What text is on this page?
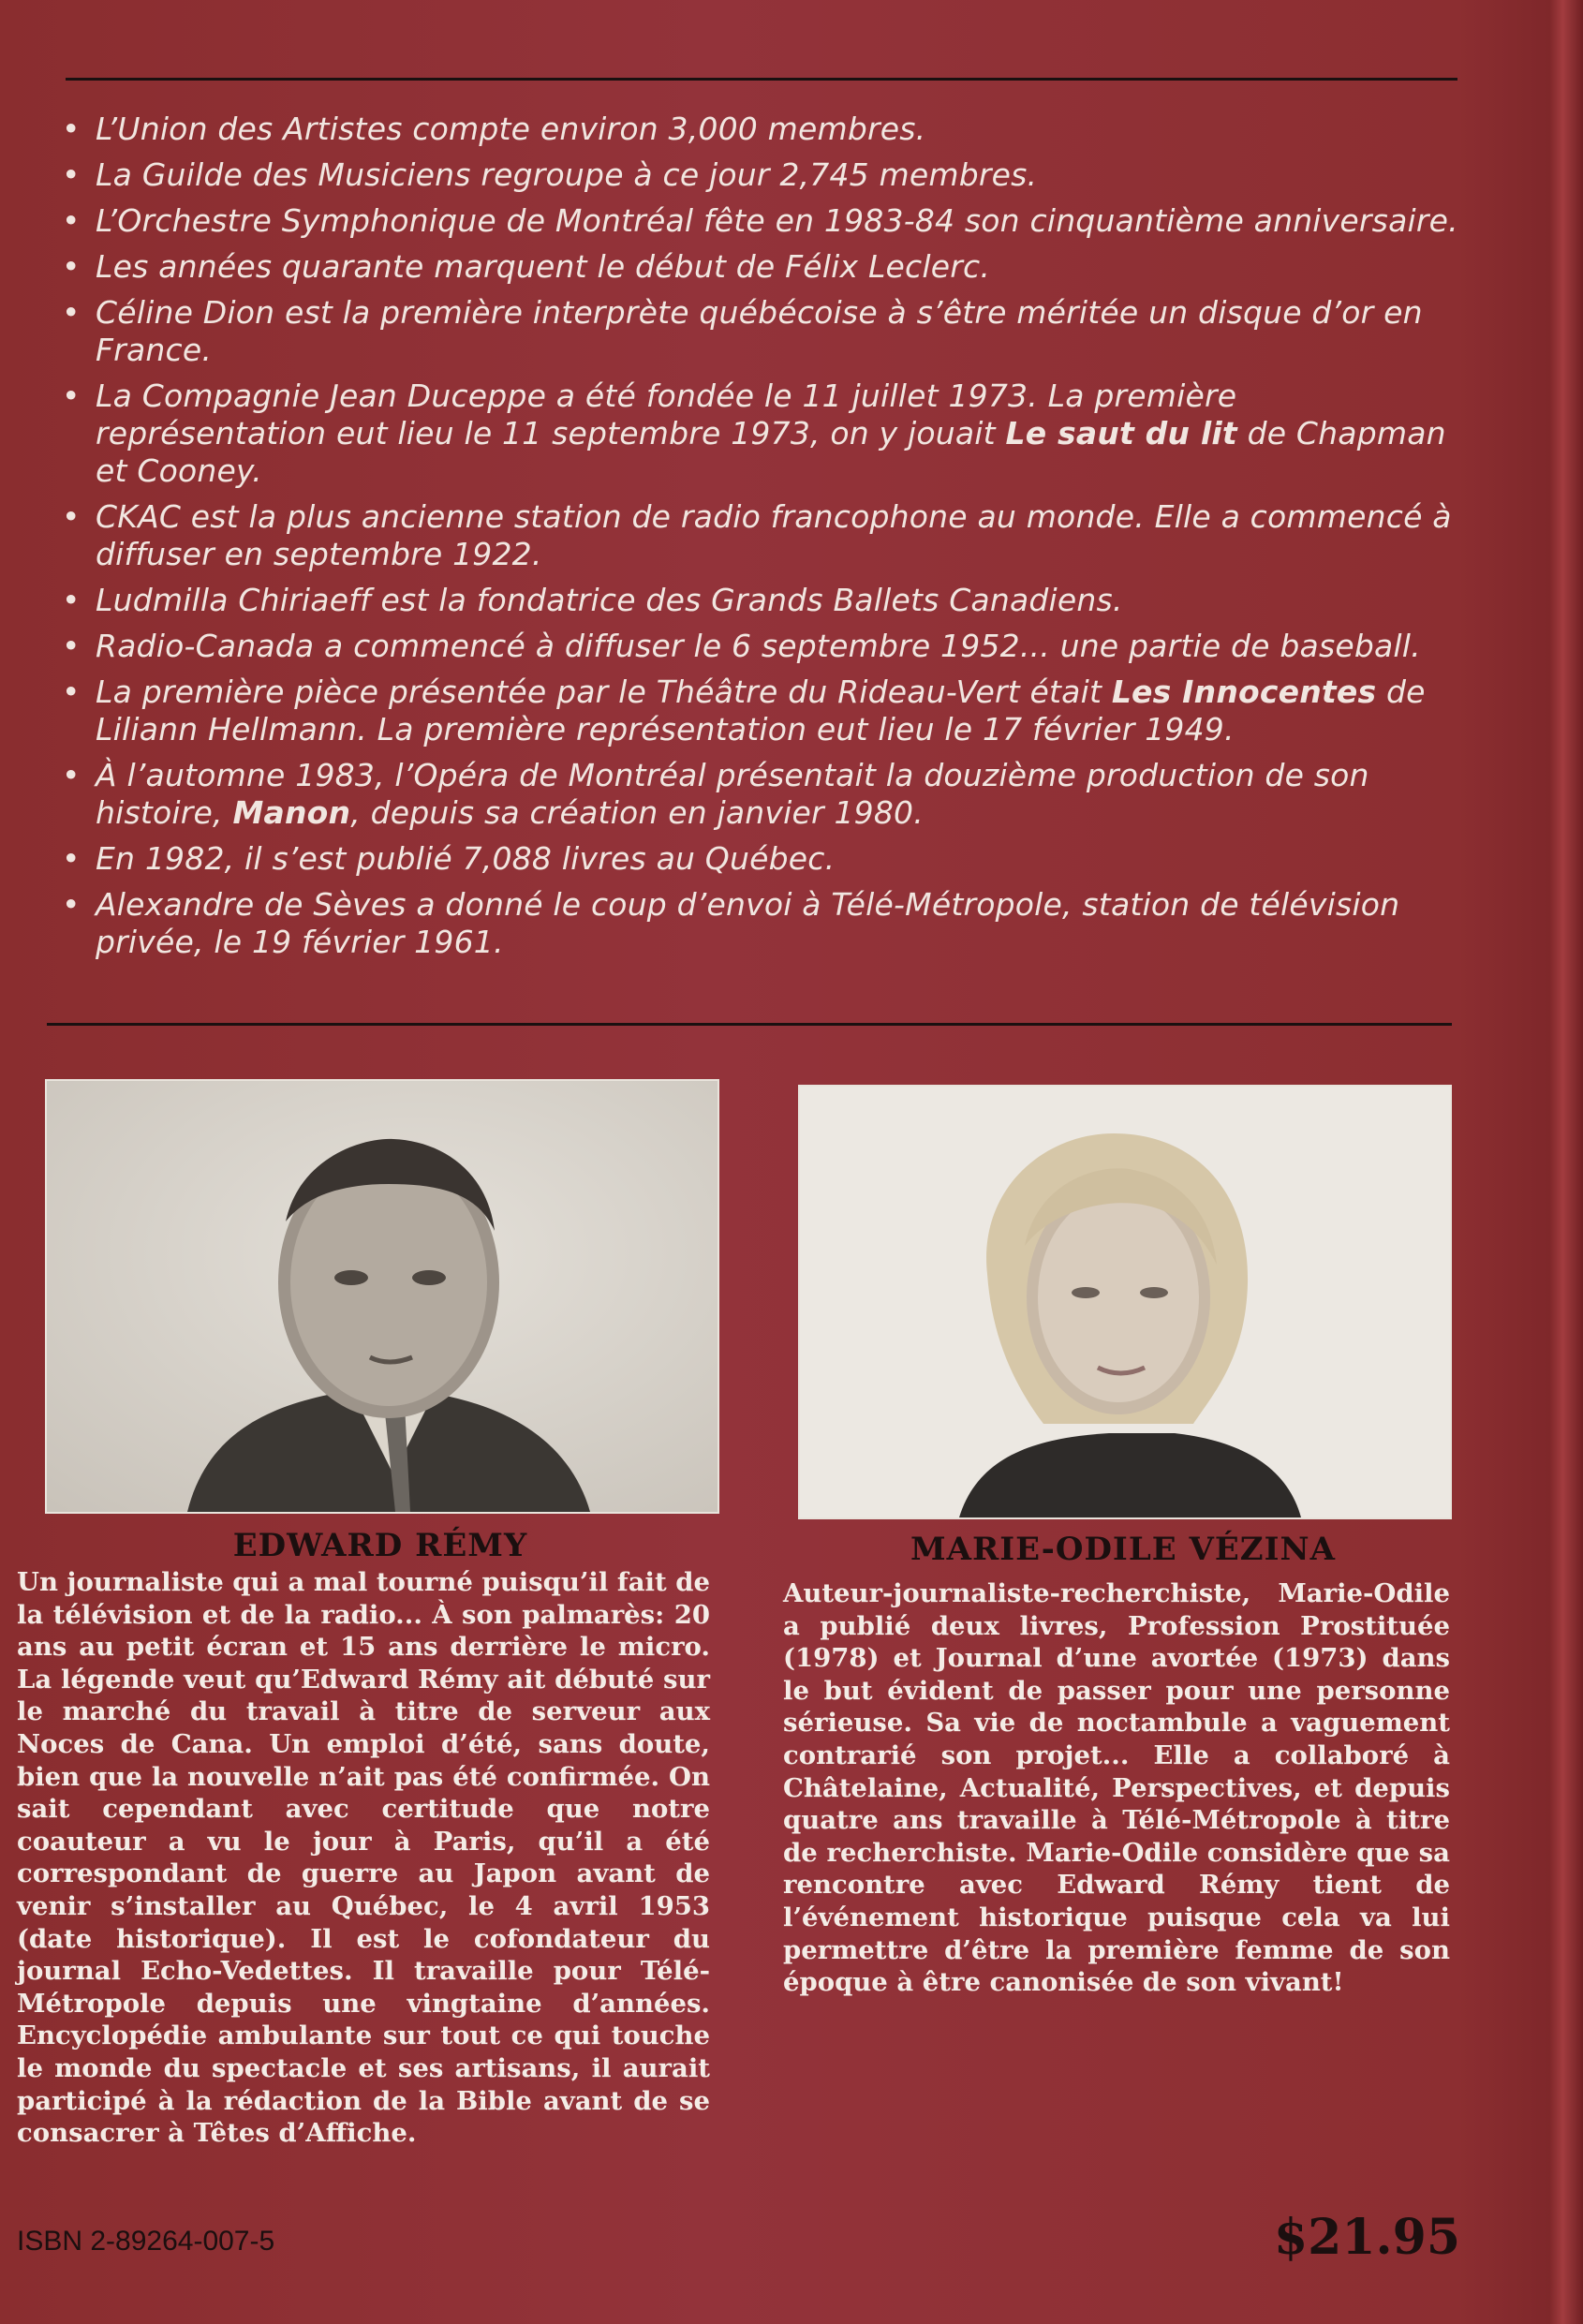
• L’Union des Artistes compte environ 3,000 membres.
• La Guilde des Musiciens regroupe à ce jour 2,745 membres.
• L’Orchestre Symphonique de Montréal fête en 1983-84 son cinquantième anniversaire.
• Les années quarante marquent le début de Félix Leclerc.
• Céline Dion est la première interprète québécoise à s’être méritée un disque d’or en France.
• La Compagnie Jean Duceppe a été fondée le 11 juillet 1973. La première représentation eut lieu le 11 septembre 1973, on y jouait Le saut du lit de Chapman et Cooney.
• CKAC est la plus ancienne station de radio francophone au monde. Elle a commencé à diffuser en septembre 1922.
• Ludmilla Chiriaeff est la fondatrice des Grands Ballets Canadiens.
• Radio-Canada a commencé à diffuser le 6 septembre 1952... une partie de baseball.
• La première pièce présentée par le Théâtre du Rideau-Vert était Les Innocentes de Liliann Hellmann. La première représentation eut lieu le 17 février 1949.
• À l’automne 1983, l’Opéra de Montréal présentait la douzième production de son histoire, Manon, depuis sa création en janvier 1980.
• En 1982, il s’est publié 7,088 livres au Québec.
• Alexandre de Sèves a donné le coup d’envoi à Télé-Métropole, station de télévision privée, le 19 février 1961.
EDWARD RÉMY	MARIE-ODILE VÉZINA
Un journaliste qui a mal tourné puisqu’il fait de la télévision et de la radio... À son palmarès: 20 ans au petit écran et 15 ans derrière le micro. La légende veut qu’Edward Rémy ait débuté sur le marché du travail à titre de serveur aux Noces de Cana. Un emploi d’été, sans doute, bien que la nouvelle n’ait pas été confirmée. On sait cependant avec certitude que notre coauteur a vu le jour à Paris, qu’il a été correspondant de guerre au Japon avant de venir s’installer au Québec, le 4 avril 1953 (date historique). Il est le cofondateur du journal Echo-Vedettes. Il travaille pour Télé-Métropole depuis une vingtaine d’années. Encyclopédie ambulante sur tout ce qui touche le monde du spectacle et ses artisans, il aurait participé à la rédaction de la Bible avant de se consacrer à Têtes d’Affiche.
Auteur-journaliste-recherchiste, Marie-Odile a publié deux livres, Profession Prostituée (1978) et Journal d’une avortée (1973) dans le but évident de passer pour une personne sérieuse. Sa vie de noctambule a vaguement contrarié son projet... Elle a collaboré à Châtelaine, Actualité, Perspectives, et depuis quatre ans travaille à Télé-Métropole à titre de recherchiste. Marie-Odile considère que sa rencontre avec Edward Rémy tient de l’événement historique puisque cela va lui permettre d’être la première femme de son époque à être canonisée de son vivant!
ISBN 2-89264-007-5	$21.95
